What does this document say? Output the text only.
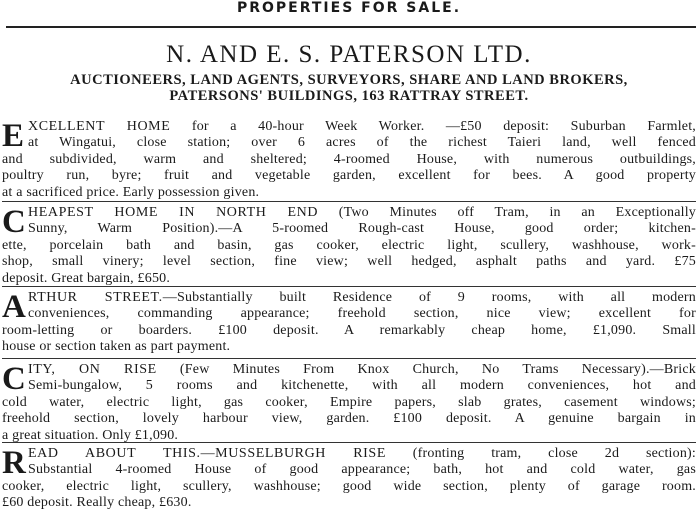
PROPERTIES FOR SALE.
N. AND E. S. PATERSON LTD.
AUCTIONEERS, LAND AGENTS, SURVEYORS, SHARE AND LAND BROKERS,
PATERSONS' BUILDINGS, 163 RATTRAY STREET.
E XCELLENT HOME for a 40-hour Week Worker. —£50 deposit: Suburban Farmlet,
at Wingatui, close station; over 6 acres of the richest Taieri land, well fenced
and subdivided, warm and sheltered; 4-roomed House, with numerous outbuildings,
poultry run, byre; fruit and vegetable garden, excellent for bees. A good property
at a sacrificed price. Early possession given.
C HEAPEST HOME IN NORTH END (Two Minutes off Tram, in an Exceptionally
Sunny, Warm Position).—A 5-roomed Rough-cast House, good order; kitchen-
ette, porcelain bath and basin, gas cooker, electric light, scullery, washhouse, work-
shop, small vinery; level section, fine view; well hedged, asphalt paths and yard. £75
deposit. Great bargain, £650.
A RTHUR STREET.—Substantially built Residence of 9 rooms, with all modern
conveniences, commanding appearance; freehold section, nice view; excellent for
room-letting or boarders. £100 deposit. A remarkably cheap home, £1,090. Small
house or section taken as part payment.
C ITY, ON RISE (Few Minutes From Knox Church, No Trams Necessary).—Brick
Semi-bungalow, 5 rooms and kitchenette, with all modern conveniences, hot and
cold water, electric light, gas cooker, Empire papers, slab grates, casement windows;
freehold section, lovely harbour view, garden. £100 deposit. A genuine bargain in
a great situation. Only £1,090.
R EAD ABOUT THIS.—MUSSELBURGH RISE (fronting tram, close 2d section):
Substantial 4-roomed House of good appearance; bath, hot and cold water, gas
cooker, electric light, scullery, washhouse; good wide section, plenty of garage room.
£60 deposit. Really cheap, £630.
